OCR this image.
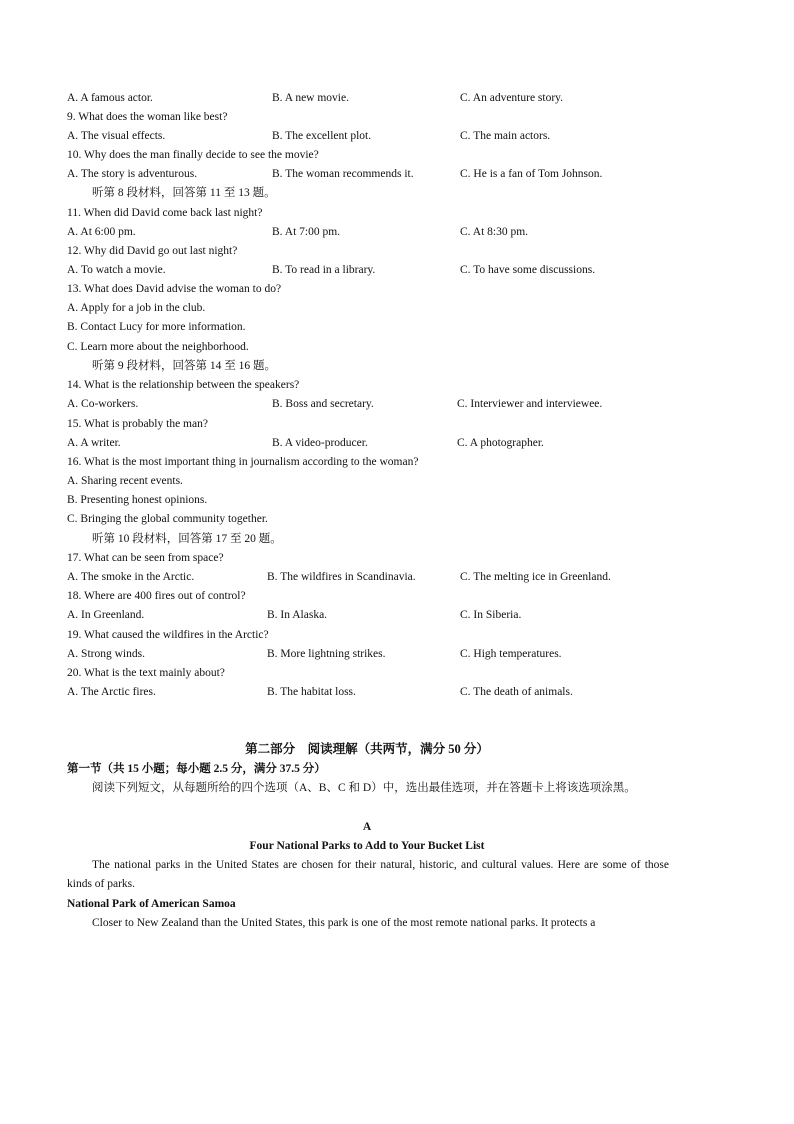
A. A famous actor.	B. A new movie.	C. An adventure story.
9. What does the woman like best?
A. The visual effects.	B. The excellent plot.	C. The main actors.
10. Why does the man finally decide to see the movie?
A. The story is adventurous.	B. The woman recommends it.	C. He is a fan of Tom Johnson.
听第 8 段材料，回答第 11 至 13 题。
11. When did David come back last night?
A. At 6:00 pm.	B. At 7:00 pm.	C. At 8:30 pm.
12. Why did David go out last night?
A. To watch a movie.	B. To read in a library.	C. To have some discussions.
13. What does David advise the woman to do?
A. Apply for a job in the club.
B. Contact Lucy for more information.
C. Learn more about the neighborhood.
听第 9 段材料，回答第 14 至 16 题。
14. What is the relationship between the speakers?
A. Co-workers.	B. Boss and secretary.	C. Interviewer and interviewee.
15. What is probably the man?
A. A writer.	B. A video-producer.	C. A photographer.
16. What is the most important thing in journalism according to the woman?
A. Sharing recent events.
B. Presenting honest opinions.
C. Bringing the global community together.
听第 10 段材料，回答第 17 至 20 题。
17. What can be seen from space?
A. The smoke in the Arctic.	B. The wildfires in Scandinavia.	C. The melting ice in Greenland.
18. Where are 400 fires out of control?
A. In Greenland.	B. In Alaska.	C. In Siberia.
19. What caused the wildfires in the Arctic?
A. Strong winds.	B. More lightning strikes.	C. High temperatures.
20. What is the text mainly about?
A. The Arctic fires.	B. The habitat loss.	C. The death of animals.
第二部分　阅读理解（共两节，满分 50 分）
第一节（共 15 小题；每小题 2.5 分，满分 37.5 分）
阅读下列短文，从每题所给的四个选项（A、B、C 和 D）中，选出最佳选项，并在答题卡上将该选项涂黑。
A
Four National Parks to Add to Your Bucket List
The national parks in the United States are chosen for their natural, historic, and cultural values. Here are some of those kinds of parks.
National Park of American Samoa
Closer to New Zealand than the United States, this park is one of the most remote national parks. It protects a
